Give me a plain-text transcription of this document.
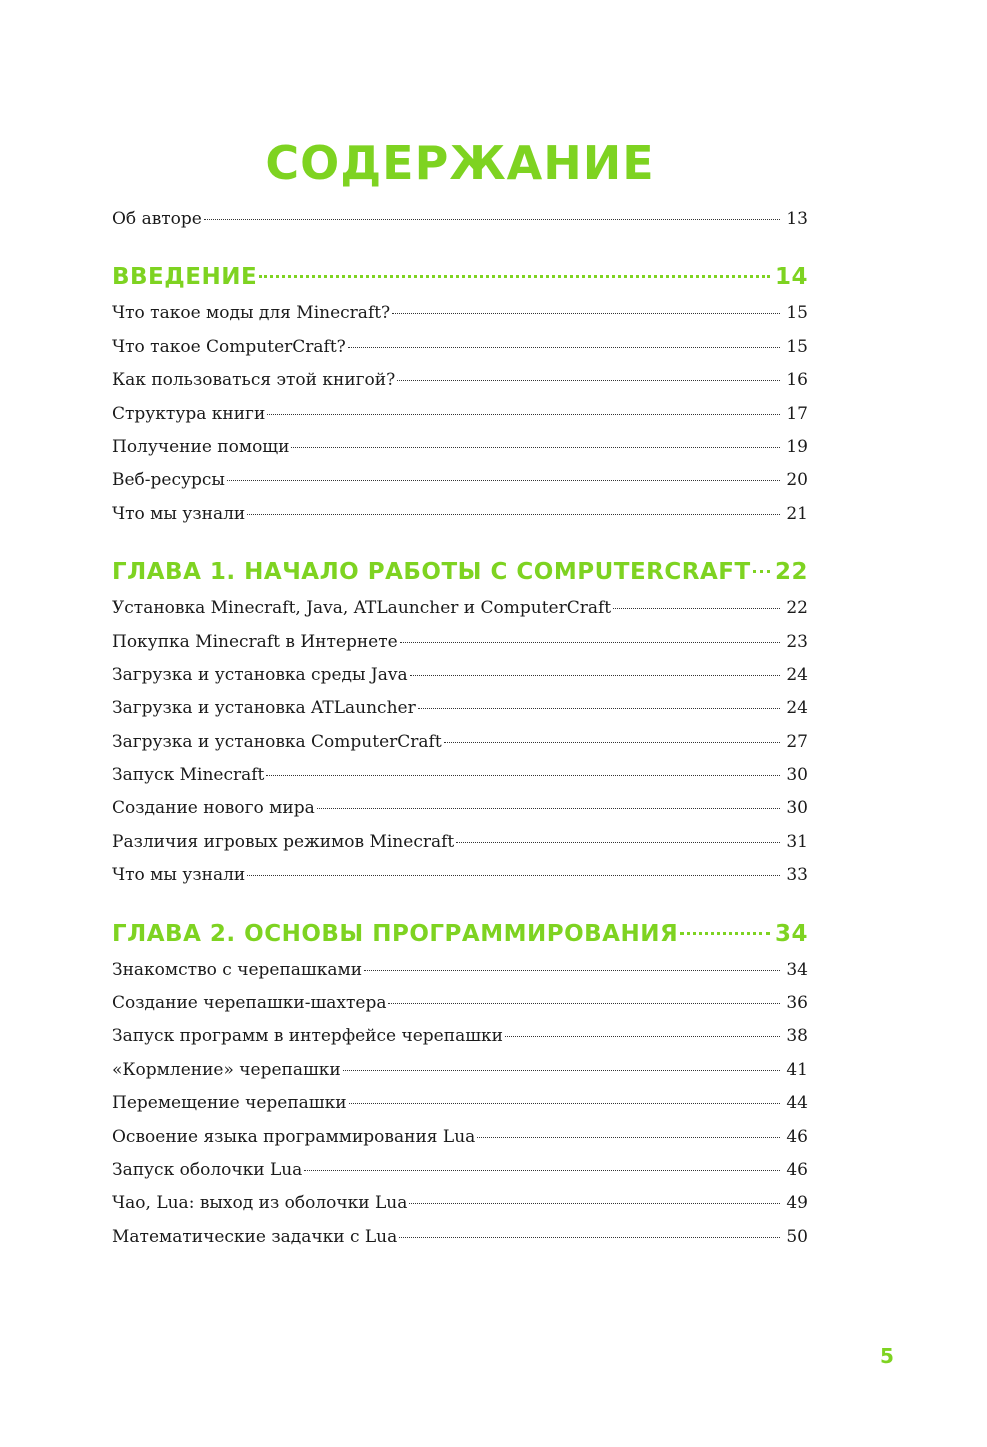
СОДЕРЖАНИЕ
Об авторе	13
ВВЕДЕНИЕ	14
Что такое моды для Minecraft?	15
Что такое ComputerCraft?	15
Как пользоваться этой книгой?	16
Структура книги	17
Получение помощи	19
Веб-ресурсы	20
Что мы узнали	21
ГЛАВА 1. НАЧАЛО РАБОТЫ С COMPUTERCRAFT 22
Установка Minecraft, Java, ATLauncher и ComputerCraft	22
Покупка Minecraft в Интернете	23
Загрузка и установка среды Java	24
Загрузка и установка ATLauncher	24
Загрузка и установка ComputerCraft	27
Запуск Minecraft	30
Создание нового мира	30
Различия игровых режимов Minecraft	31
Что мы узнали	33
ГЛАВА 2. ОСНОВЫ ПРОГРАММИРОВАНИЯ	34
Знакомство с черепашками	34
Создание черепашки-шахтера	36
Запуск программ в интерфейсе черепашки	38
«Кормление» черепашки	41
Перемещение черепашки	44
Освоение языка программирования Lua	46
Запуск оболочки Lua	46
Чао, Lua: выход из оболочки Lua	49
Математические задачки с Lua	50
5
